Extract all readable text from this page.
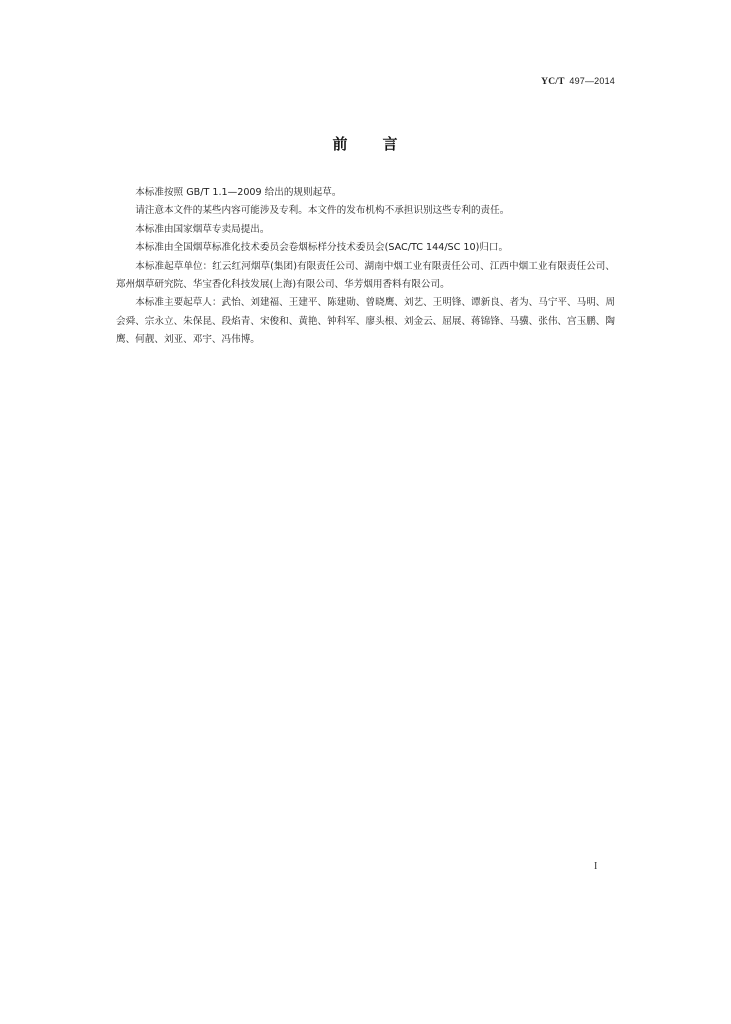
YC/T 497—2014
前 言

本标准按照 GB/T 1.1—2009 给出的规则起草。

请注意本文件的某些内容可能涉及专利。本文件的发布机构不承担识别这些专利的责任。

本标准由国家烟草专卖局提出。

本标准由全国烟草标准化技术委员会卷烟标样分技术委员会(SAC/TC 144/SC 10)归口。

本标准起草单位：红云红河烟草(集团)有限责任公司、湖南中烟工业有限责任公司、江西中烟工业有限责任公司、郑州烟草研究院、华宝香化科技发展(上海)有限公司、华芳烟用香料有限公司。

本标准主要起草人：武怡、刘建福、王建平、陈建勋、曾晓鹰、刘艺、王明锋、谭新良、者为、马宁平、马明、周会舜、宗永立、朱保昆、段焰青、宋俊和、黄艳、钟科军、廖头根、刘金云、屈展、蒋锦锋、马骥、张伟、宫玉鹏、陶鹰、何靓、刘亚、邓宇、冯伟博。

I
